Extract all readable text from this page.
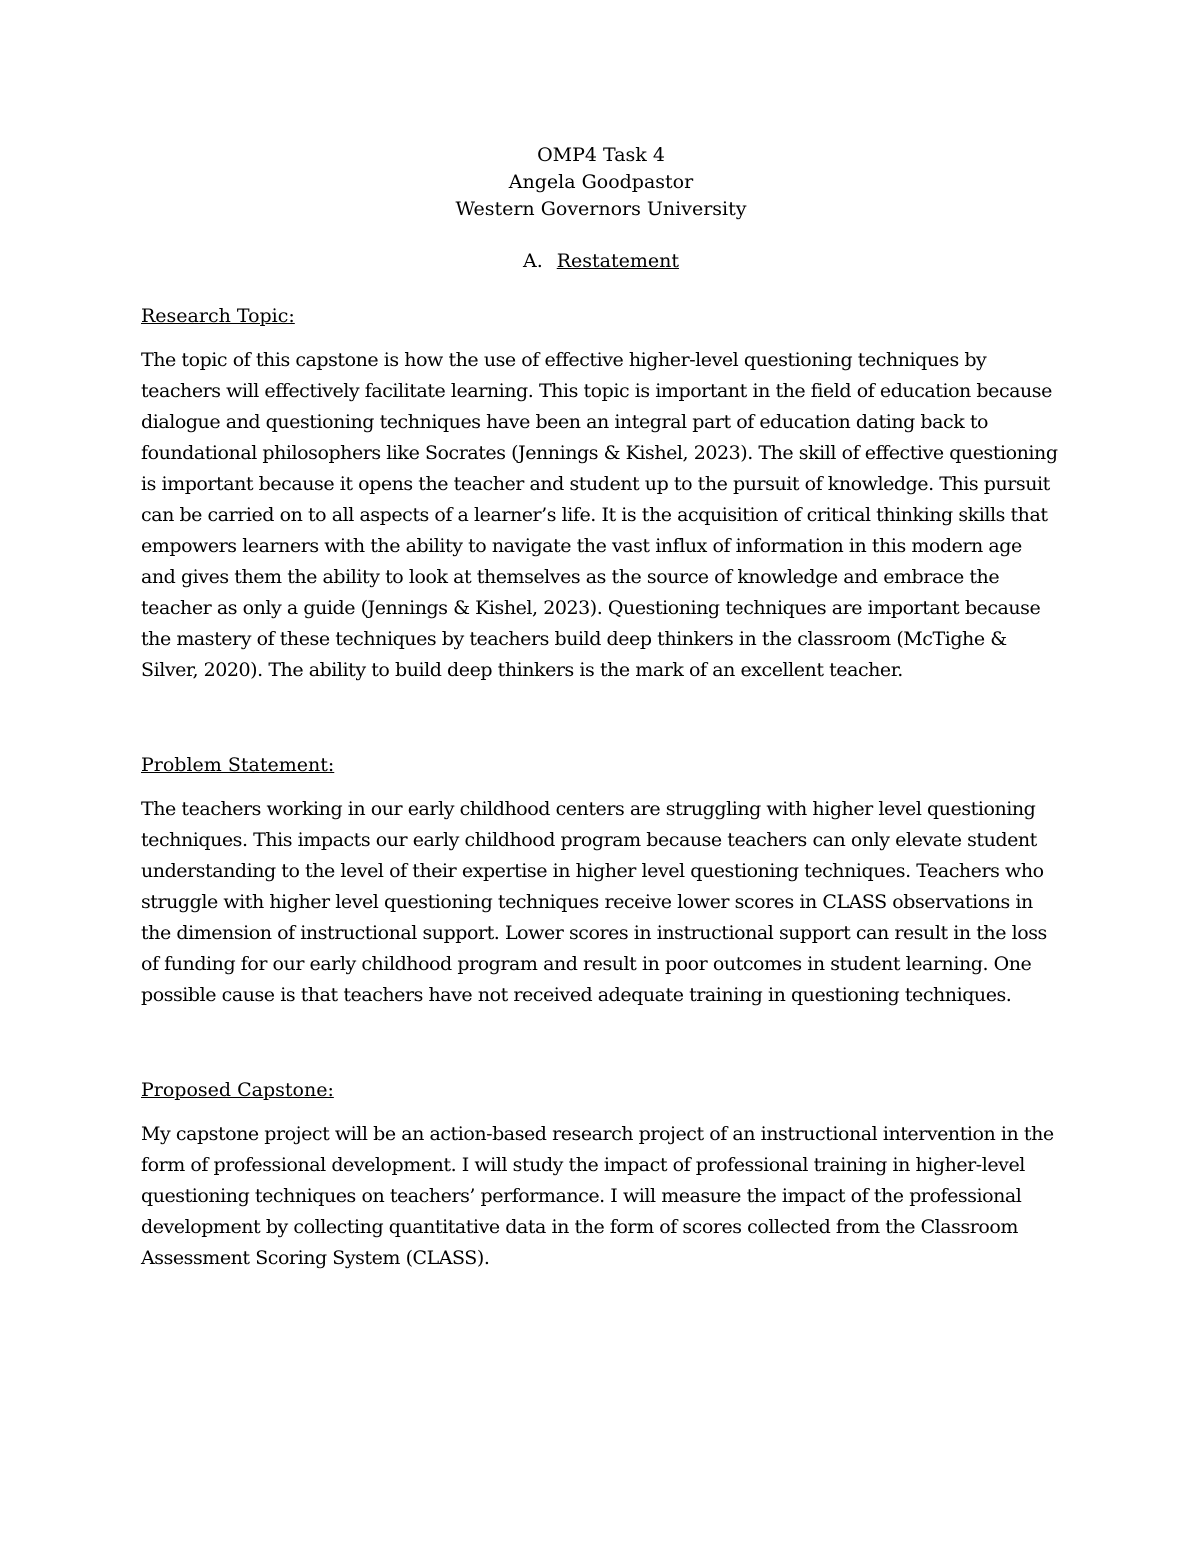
OMP4 Task 4
Angela Goodpastor
Western Governors University
A. Restatement

Research Topic:

The topic of this capstone is how the use of effective higher-level questioning techniques by teachers will effectively facilitate learning. This topic is important in the field of education because dialogue and questioning techniques have been an integral part of education dating back to foundational philosophers like Socrates (Jennings & Kishel, 2023). The skill of effective questioning is important because it opens the teacher and student up to the pursuit of knowledge. This pursuit can be carried on to all aspects of a learner’s life. It is the acquisition of critical thinking skills that empowers learners with the ability to navigate the vast influx of information in this modern age and gives them the ability to look at themselves as the source of knowledge and embrace the teacher as only a guide (Jennings & Kishel, 2023). Questioning techniques are important because the mastery of these techniques by teachers build deep thinkers in the classroom (McTighe & Silver, 2020). The ability to build deep thinkers is the mark of an excellent teacher.

Problem Statement:

The teachers working in our early childhood centers are struggling with higher level questioning techniques. This impacts our early childhood program because teachers can only elevate student understanding to the level of their expertise in higher level questioning techniques. Teachers who struggle with higher level questioning techniques receive lower scores in CLASS observations in the dimension of instructional support. Lower scores in instructional support can result in the loss of funding for our early childhood program and result in poor outcomes in student learning. One possible cause is that teachers have not received adequate training in questioning techniques.

Proposed Capstone:

My capstone project will be an action-based research project of an instructional intervention in the form of professional development. I will study the impact of professional training in higher-level questioning techniques on teachers’ performance. I will measure the impact of the professional development by collecting quantitative data in the form of scores collected from the Classroom Assessment Scoring System (CLASS).
